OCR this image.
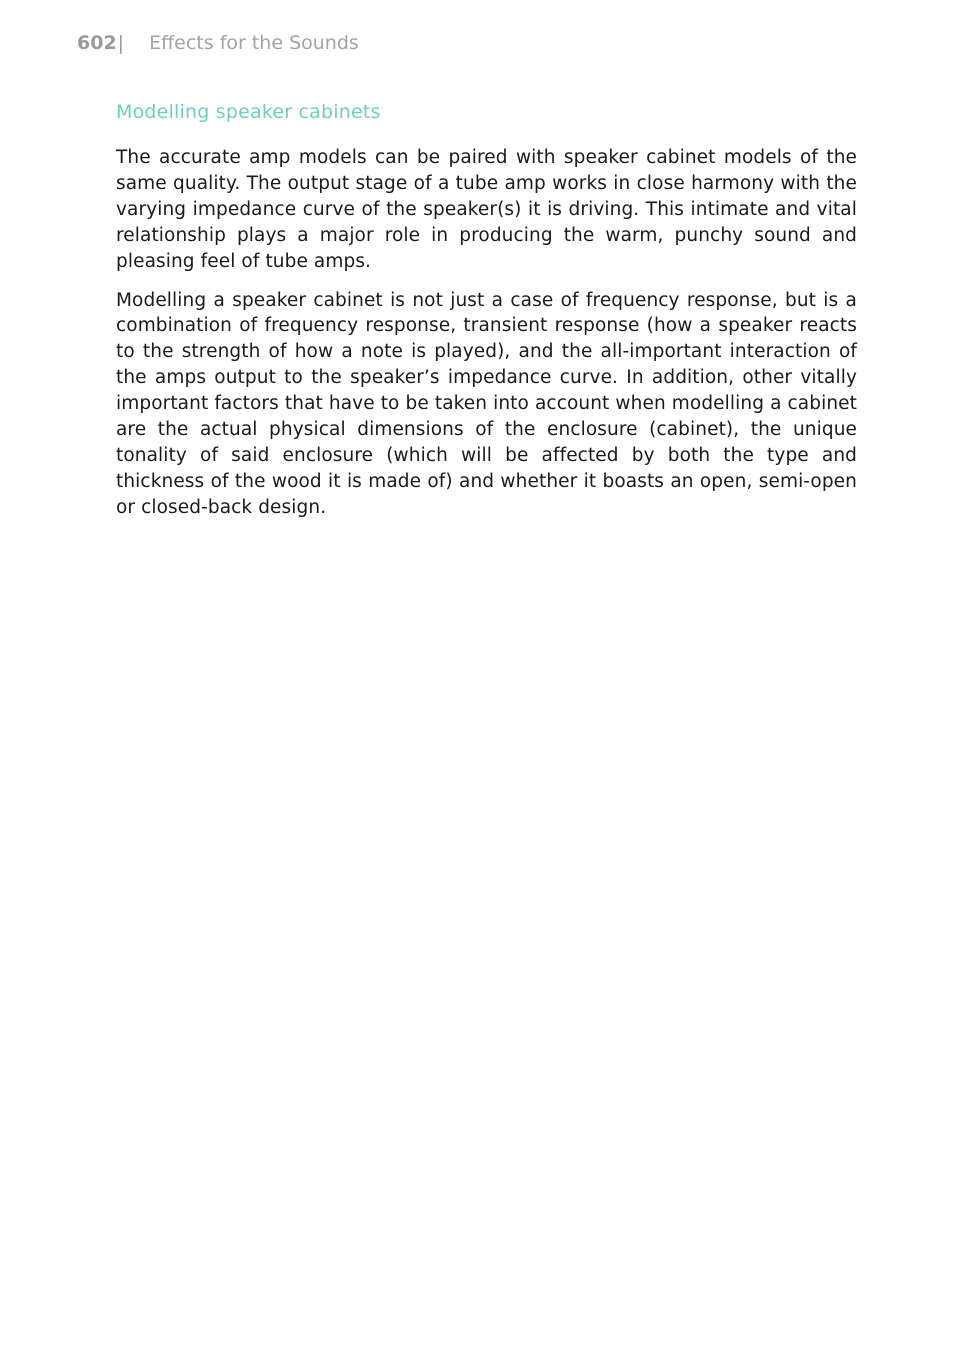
602 | Effects for the Sounds
Modelling speaker cabinets

The accurate amp models can be paired with speaker cabinet models of the same quality. The output stage of a tube amp works in close harmony with the varying impedance curve of the speaker(s) it is driving. This intimate and vital relationship plays a major role in producing the warm, punchy sound and pleasing feel of tube amps.

Modelling a speaker cabinet is not just a case of frequency response, but is a combination of frequency response, transient response (how a speaker reacts to the strength of how a note is played), and the all-important interaction of the amps output to the speaker’s impedance curve. In addition, other vitally important factors that have to be taken into account when modelling a cabinet are the actual physical dimensions of the enclosure (cabinet), the unique tonality of said enclosure (which will be affected by both the type and thickness of the wood it is made of) and whether it boasts an open, semi-open or closed-back design.
